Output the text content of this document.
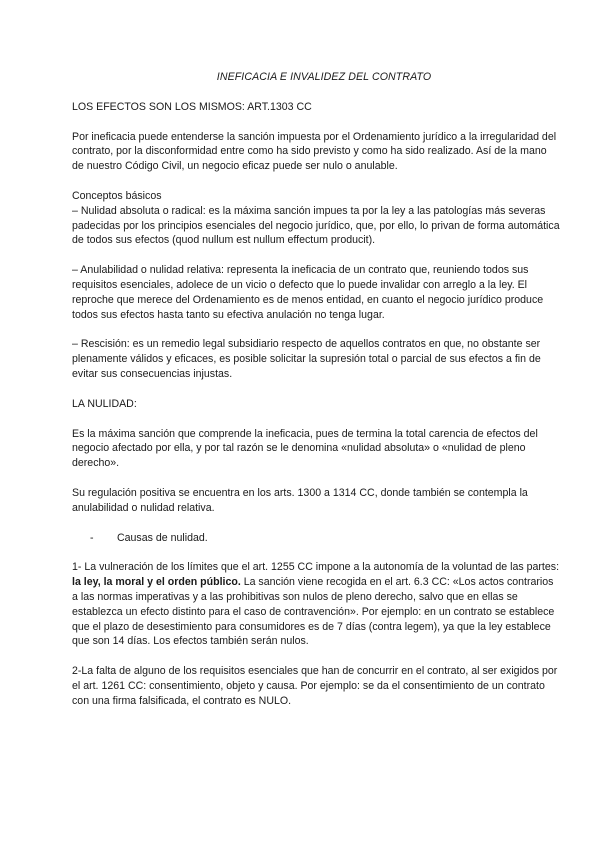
INEFICACIA E INVALIDEZ DEL CONTRATO

LOS EFECTOS SON LOS MISMOS: ART.1303 CC

Por ineficacia puede entenderse la sanción impuesta por el Ordenamiento jurídico a la irregularidad del contrato, por la disconformidad entre como ha sido previsto y como ha sido realizado. Así de la mano de nuestro Código Civil, un negocio eficaz puede ser nulo o anulable.

Conceptos básicos

– Nulidad absoluta o radical: es la máxima sanción impues ta por la ley a las patologías más severas padecidas por los principios esenciales del negocio jurídico, que, por ello, lo privan de forma automática de todos sus efectos (quod nullum est nullum effectum producit).

– Anulabilidad o nulidad relativa: representa la ineficacia de un contrato que, reuniendo todos sus requisitos esenciales, adolece de un vicio o defecto que lo puede invalidar con arreglo a la ley. El reproche que merece del Ordenamiento es de menos entidad, en cuanto el negocio jurídico produce todos sus efectos hasta tanto su efectiva anulación no tenga lugar.

– Rescisión: es un remedio legal subsidiario respecto de aquellos contratos en que, no obstante ser plenamente válidos y eficaces, es posible solicitar la supresión total o parcial de sus efectos a fin de evitar sus consecuencias injustas.

LA NULIDAD:

Es la máxima sanción que comprende la ineficacia, pues de termina la total carencia de efectos del negocio afectado por ella, y por tal razón se le denomina «nulidad absoluta» o «nulidad de pleno derecho».

Su regulación positiva se encuentra en los arts. 1300 a 1314 CC, donde también se contempla la anulabilidad o nulidad relativa.

-	Causas de nulidad.

1- La vulneración de los límites que el art. 1255 CC impone a la autonomía de la voluntad de las partes: la ley, la moral y el orden público. La sanción viene recogida en el art. 6.3 CC: «Los actos contrarios a las normas imperativas y a las prohibitivas son nulos de pleno derecho, salvo que en ellas se establezca un efecto distinto para el caso de contravención». Por ejemplo: en un contrato se establece que el plazo de desestimiento para consumidores es de 7 días (contra legem), ya que la ley establece que son 14 días. Los efectos también serán nulos.

2-La falta de alguno de los requisitos esenciales que han de concurrir en el contrato, al ser exigidos por el art. 1261 CC: consentimiento, objeto y causa. Por ejemplo: se da el consentimiento de un contrato con una firma falsificada, el contrato es NULO.
